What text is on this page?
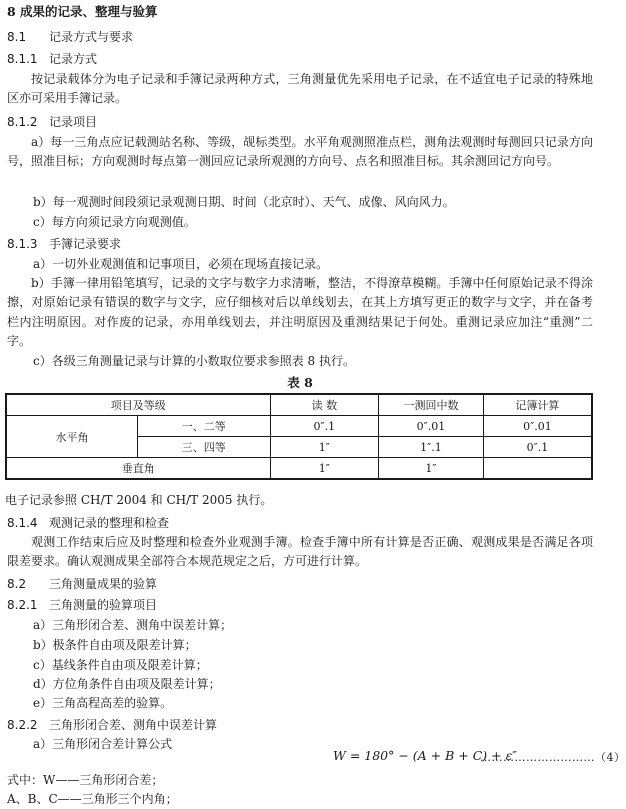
8 成果的记录、整理与验算
8.1 记录方式与要求
8.1.1 记录方式
按记录载体分为电子记录和手簿记录两种方式，三角测量优先采用电子记录，在不适宜电子记录的特殊地区亦可采用手簿记录。
8.1.2 记录项目
a）每一三角点应记载测站名称、等级，觇标类型。水平角观测照准点栏，测角法观测时每测回只记录方向号，照准目标；方向观测时每点第一测回应记录所观测的方向号、点名和照准目标。其余测回记方向号。
b）每一观测时间段须记录观测日期、时间（北京时）、天气、成像、风向风力。
c）每方向须记录方向观测值。
8.1.3 手簿记录要求
a）一切外业观测值和记事项目，必须在现场直接记录。
b）手簿一律用铅笔填写，记录的文字与数字力求清晰，整洁，不得潦草模糊。手簿中任何原始记录不得涂擦，对原始记录有错误的数字与文字，应仔细核对后以单线划去，在其上方填写更正的数字与文字，并在备考栏内注明原因。对作废的记录，亦用单线划去，并注明原因及重测结果记于何处。重测记录应加注“重测”二字。
c）各级三角测量记录与计算的小数取位要求参照表 8 执行。
表 8
项目及等级		读 数	一测回中数	记簿计算
水平角	一、二等	0″.1	0″.01	0″.01
	三、四等	1″	1″.1	0″.1
垂直角		1″	1″	
电子记录参照 CH/T 2004 和 CH/T 2005 执行。
8.1.4 观测记录的整理和检查
观测工作结束后应及时整理和检查外业观测手簿。检查手簿中所有计算是否正确、观测成果是否满足各项限差要求。确认观测成果全部符合本规范规定之后，方可进行计算。
8.2 三角测量成果的验算
8.2.1 三角测量的验算项目
a）三角形闭合差、测角中误差计算；
b）极条件自由项及限差计算；
c）基线条件自由项及限差计算；
d）方位角条件自由项及限差计算；
e）三角高程高差的验算。
8.2.2 三角形闭合差、测角中误差计算
a）三角形闭合差计算公式
W = 180° − (A + B + C) + ε″
…………………………（4）
式中：W——三角形闭合差；
A、B、C——三角形三个内角；
